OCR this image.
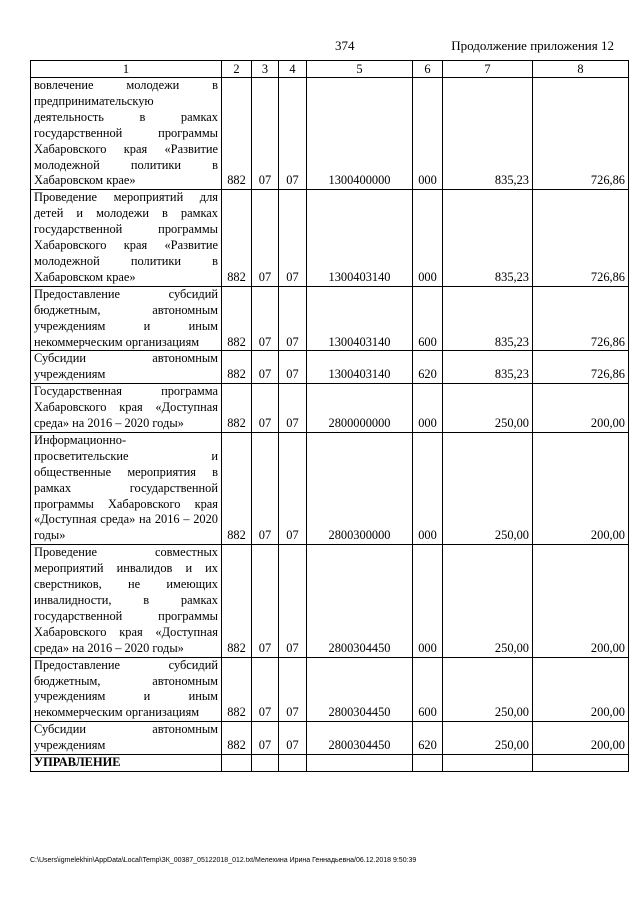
374	Продолжение приложения 12
1	2	3	4	5	6	7	8
вовлечение молодежи в предпринимательскую деятельность в рамках государственной программы Хабаровского края «Развитие молодежной политики в Хабаровском крае»	882	07	07	1300400000	000	835,23	726,86
Проведение мероприятий для детей и молодежи в рамках государственной программы Хабаровского края «Развитие молодежной политики в Хабаровском крае»	882	07	07	1300403140	000	835,23	726,86
Предоставление субсидий бюджетным, автономным учреждениям и иным некоммерческим организациям	882	07	07	1300403140	600	835,23	726,86
Субсидии автономным учреждениям	882	07	07	1300403140	620	835,23	726,86
Государственная программа Хабаровского края «Доступная среда» на 2016 – 2020 годы»	882	07	07	2800000000	000	250,00	200,00
Информационно-просветительские и общественные мероприятия в рамках государственной программы Хабаровского края «Доступная среда» на 2016 – 2020 годы»	882	07	07	2800300000	000	250,00	200,00
Проведение совместных мероприятий инвалидов и их сверстников, не имеющих инвалидности, в рамках государственной программы Хабаровского края «Доступная среда» на 2016 – 2020 годы»	882	07	07	2800304450	000	250,00	200,00
Предоставление субсидий бюджетным, автономным учреждениям и иным некоммерческим организациям	882	07	07	2800304450	600	250,00	200,00
Субсидии автономным учреждениям	882	07	07	2800304450	620	250,00	200,00
УПРАВЛЕНИЕ							
C:\Users\igmelekhin\AppData\Local\Temp\ЗК_00387_05122018_012.txt/Мелехина Ирина Геннадьевна/06.12.2018 9:50:39
